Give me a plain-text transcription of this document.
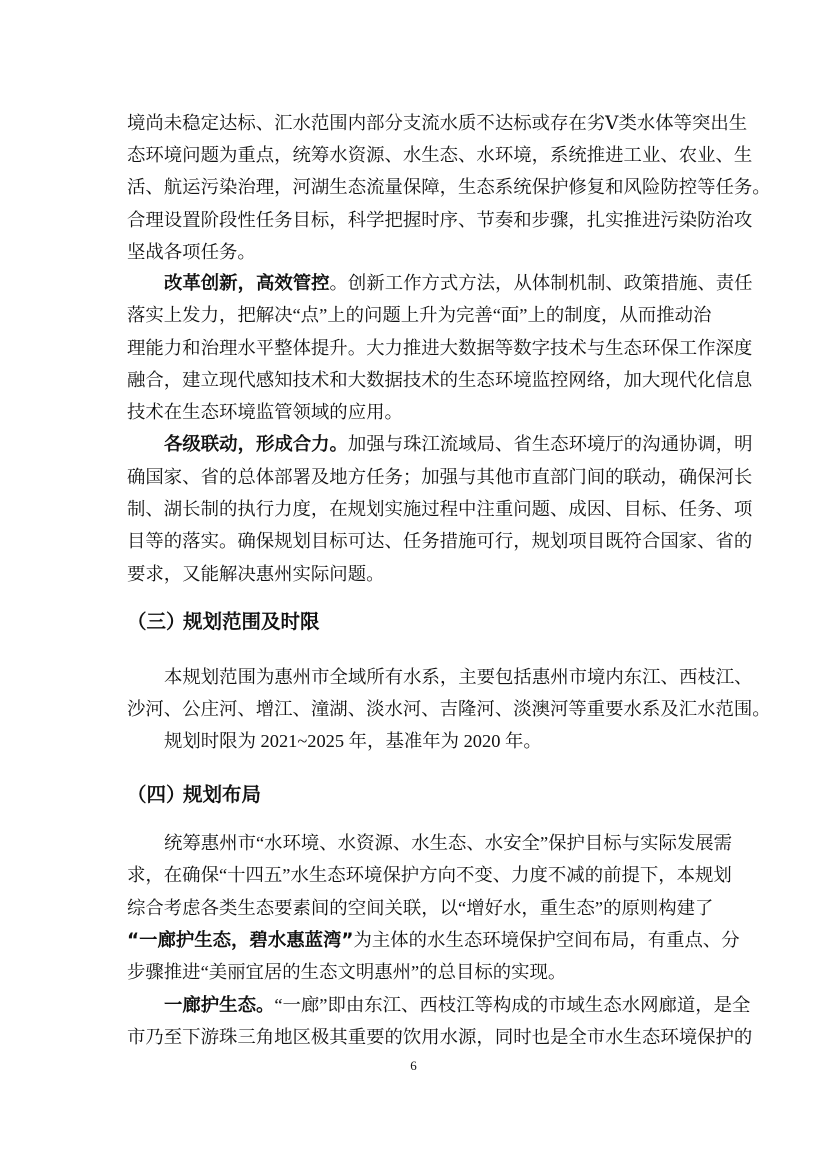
境尚未稳定达标、汇水范围内部分支流水质不达标或存在劣Ⅴ类水体等突出生
态环境问题为重点，统筹水资源、水生态、水环境，系统推进工业、农业、生
活、航运污染治理，河湖生态流量保障，生态系统保护修复和风险防控等任务。
合理设置阶段性任务目标，科学把握时序、节奏和步骤，扎实推进污染防治攻
坚战各项任务。
改革创新，高效管控。创新工作方式方法，从体制机制、政策措施、责任
落实上发力，把解决“点”上的问题上升为完善“面”上的制度，从而推动治
理能力和治理水平整体提升。大力推进大数据等数字技术与生态环保工作深度
融合，建立现代感知技术和大数据技术的生态环境监控网络，加大现代化信息
技术在生态环境监管领域的应用。
各级联动，形成合力。加强与珠江流域局、省生态环境厅的沟通协调，明
确国家、省的总体部署及地方任务；加强与其他市直部门间的联动，确保河长
制、湖长制的执行力度，在规划实施过程中注重问题、成因、目标、任务、项
目等的落实。确保规划目标可达、任务措施可行，规划项目既符合国家、省的
要求，又能解决惠州实际问题。
（三）规划范围及时限
本规划范围为惠州市全域所有水系，主要包括惠州市境内东江、西枝江、
沙河、公庄河、增江、潼湖、淡水河、吉隆河、淡澳河等重要水系及汇水范围。
规划时限为 2021~2025 年，基准年为 2020 年。
（四）规划布局
统筹惠州市“水环境、水资源、水生态、水安全”保护目标与实际发展需
求，在确保“十四五”水生态环境保护方向不变、力度不减的前提下，本规划
综合考虑各类生态要素间的空间关联，以“增好水，重生态”的原则构建了
“一廊护生态，碧水惠蓝湾”为主体的水生态环境保护空间布局，有重点、分
步骤推进“美丽宜居的生态文明惠州”的总目标的实现。
一廊护生态。“一廊”即由东江、西枝江等构成的市域生态水网廊道，是全
市乃至下游珠三角地区极其重要的饮用水源，同时也是全市水生态环境保护的
6
